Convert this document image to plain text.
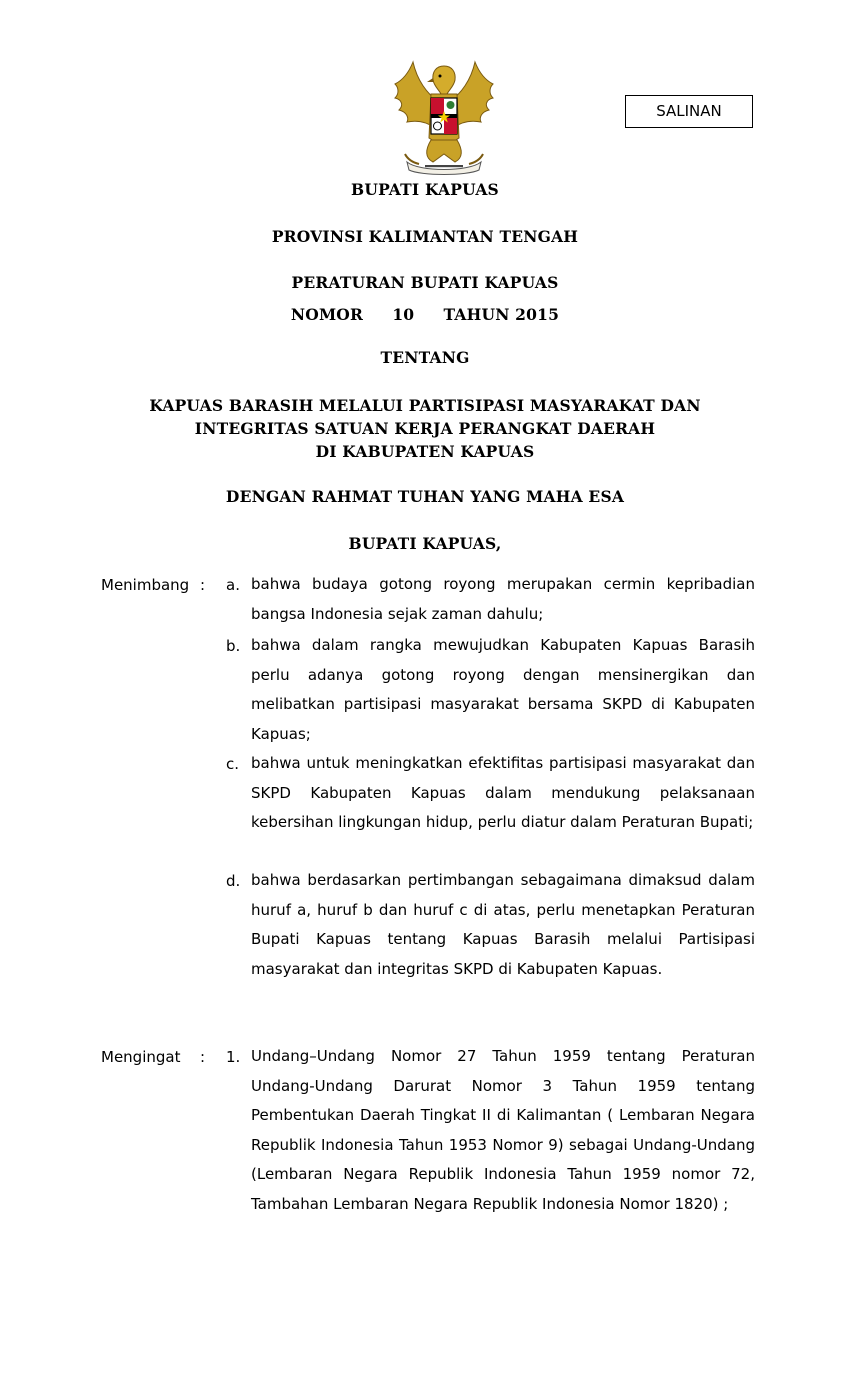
SALINAN
BUPATI KAPUAS
PROVINSI KALIMANTAN TENGAH
PERATURAN BUPATI KAPUAS
NOMOR 10 TAHUN 2015
TENTANG
KAPUAS BARASIH MELALUI PARTISIPASI MASYARAKAT DAN
INTEGRITAS SATUAN KERJA PERANGKAT DAERAH
DI KABUPATEN KAPUAS
DENGAN RAHMAT TUHAN YANG MAHA ESA
BUPATI KAPUAS,
Menimbang : a. bahwa budaya gotong royong merupakan cermin kepribadian bangsa Indonesia sejak zaman dahulu;
b. bahwa dalam rangka mewujudkan Kabupaten Kapuas Barasih perlu adanya gotong royong dengan mensinergikan dan melibatkan partisipasi masyarakat bersama SKPD di Kabupaten Kapuas;
c. bahwa untuk meningkatkan efektifitas partisipasi masyarakat dan SKPD Kabupaten Kapuas dalam mendukung pelaksanaan kebersihan lingkungan hidup, perlu diatur dalam Peraturan Bupati;
d. bahwa berdasarkan pertimbangan sebagaimana dimaksud dalam huruf a, huruf b dan huruf c di atas, perlu menetapkan Peraturan Bupati Kapuas tentang Kapuas Barasih melalui Partisipasi masyarakat dan integritas SKPD di Kabupaten Kapuas.
Mengingat : 1. Undang–Undang Nomor 27 Tahun 1959 tentang Peraturan Undang-Undang Darurat Nomor 3 Tahun 1959 tentang Pembentukan Daerah Tingkat II di Kalimantan ( Lembaran Negara Republik Indonesia Tahun 1953 Nomor 9) sebagai Undang-Undang (Lembaran Negara Republik Indonesia Tahun 1959 nomor 72, Tambahan Lembaran Negara Republik Indonesia Nomor 1820) ;
